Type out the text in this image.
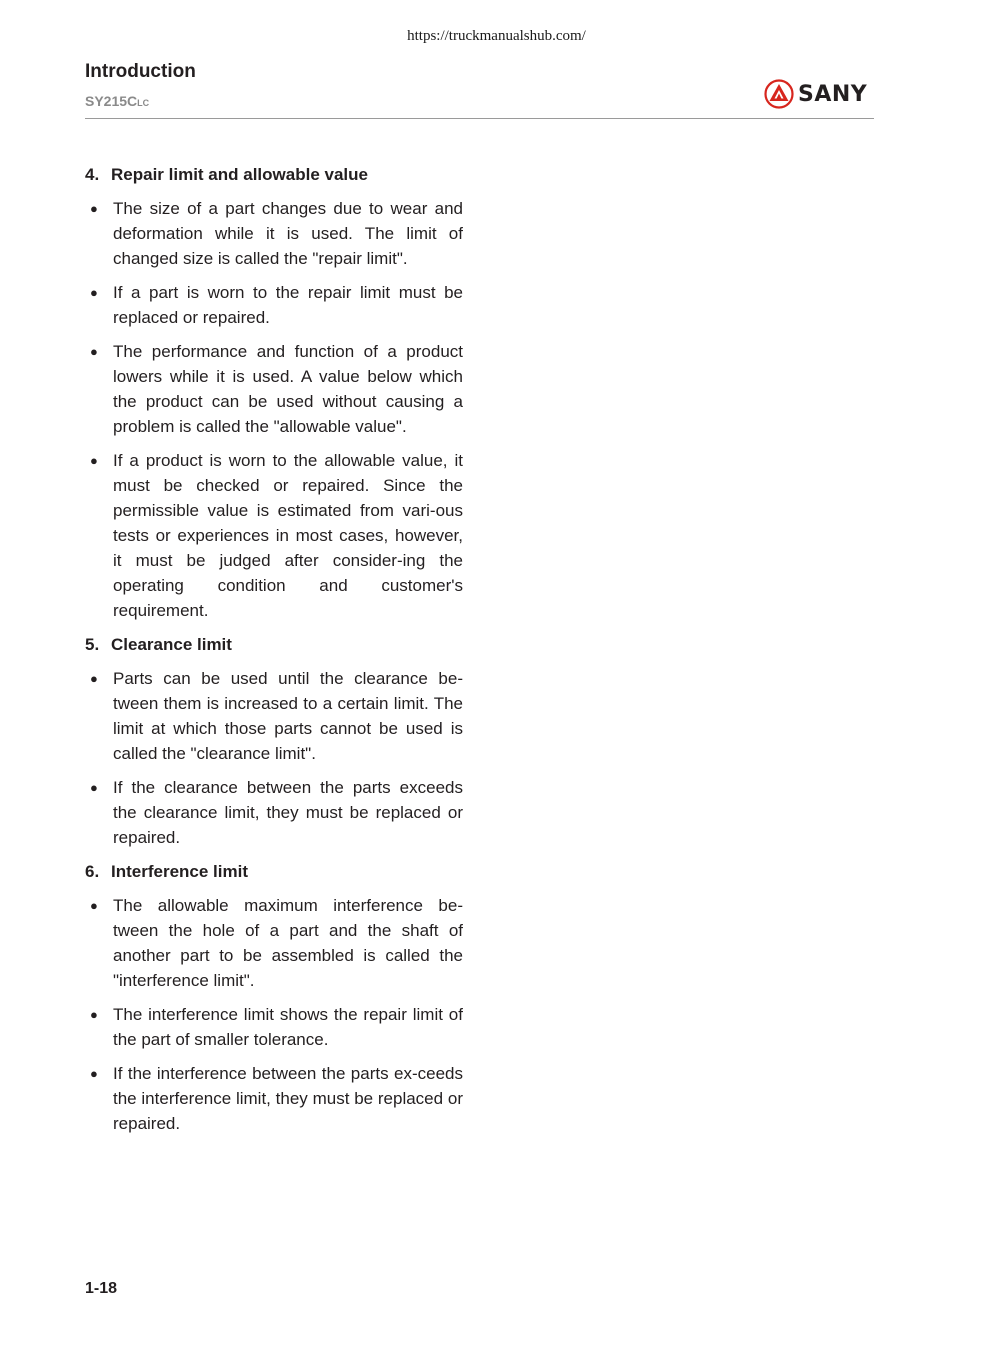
https://truckmanualshub.com/
Introduction
SY215CLC	SANY
4. Repair limit and allowable value
● The size of a part changes due to wear and deformation while it is used. The limit of changed size is called the "repair limit".
● If a part is worn to the repair limit must be replaced or repaired.
● The performance and function of a product lowers while it is used. A value below which the product can be used without causing a problem is called the "allowable value".
● If a product is worn to the allowable value, it must be checked or repaired. Since the permissible value is estimated from vari-ous tests or experiences in most cases, however, it must be judged after consider-ing the operating condition and customer's requirement.
5. Clearance limit
● Parts can be used until the clearance be-tween them is increased to a certain limit. The limit at which those parts cannot be used is called the "clearance limit".
● If the clearance between the parts exceeds the clearance limit, they must be replaced or repaired.
6. Interference limit
● The allowable maximum interference be-tween the hole of a part and the shaft of another part to be assembled is called the "interference limit".
● The interference limit shows the repair limit of the part of smaller tolerance.
● If the interference between the parts ex-ceeds the interference limit, they must be replaced or repaired.
1-18
